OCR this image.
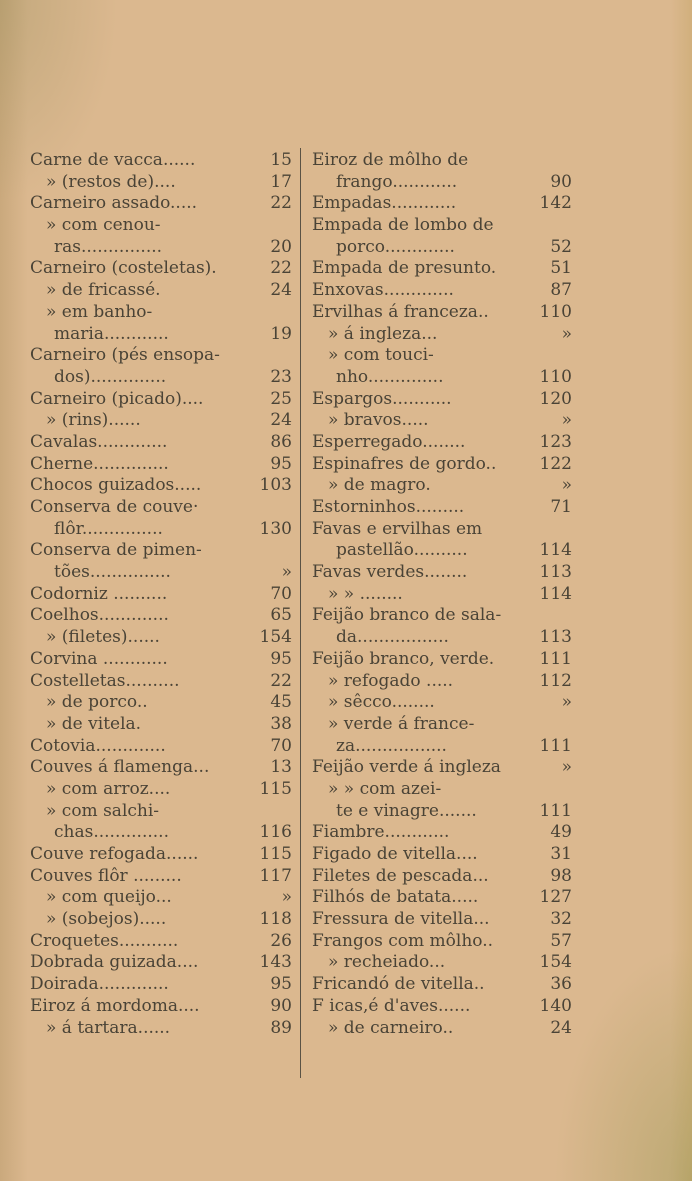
Carne de vacca......	15
» (restos de)....	17
Carneiro assado.....	22
» com cenou-
ras...............	20
Carneiro (costeletas).	22
» de fricassé.	24
» em banho-
maria............	19
Carneiro (pés ensopa-
dos)..............	23
Carneiro (picado)....	25
» (rins)......	24
Cavalas.............	86
Cherne..............	95
Chocos guizados.....	103
Conserva de couve·
flôr...............	130
Conserva de pimen-
tões...............	»
Codorniz ..........	70
Coelhos.............	65
» (filetes)......	154
Corvina ............	95
Costelletas..........	22
» de porco..	45
» de vitela.	38
Cotovia.............	70
Couves á flamenga...	13
» com arroz....	115
» com salchi-
chas..............	116
Couve refogada......	115
Couves flôr .........	117
» com queijo...	»
» (sobejos).....	118
Croquetes...........	26
Dobrada guizada....	143
Doirada.............	95
Eiroz á mordoma....	90
» á tartara......	89
Eiroz de môlho de
frango............	90
Empadas............	142
Empada de lombo de
porco.............	52
Empada de presunto.	51
Enxovas.............	87
Ervilhas á franceza..	110
» á ingleza...	»
» com touci-
nho..............	110
Espargos...........	120
» bravos.....	»
Esperregado........	123
Espinafres de gordo..	122
» de magro.	»
Estorninhos.........	71
Favas e ervilhas em
pastellão..........	114
Favas verdes........	113
» » ........	114
Feijão branco de sala-
da.................	113
Feijão branco, verde.	111
» refogado .....	112
» sêcco........	»
» verde á france-
za.................	111
Feijão verde á ingleza	»
» » com azei-
te e vinagre.......	111
Fiambre............	49
Figado de vitella....	31
Filetes de pescada...	98
Filhós de batata.....	127
Fressura de vitella...	32
Frangos com môlho..	57
» recheiado...	154
Fricandó de vitella..	36
F icas,é d'aves......	140
» de carneiro..	24
